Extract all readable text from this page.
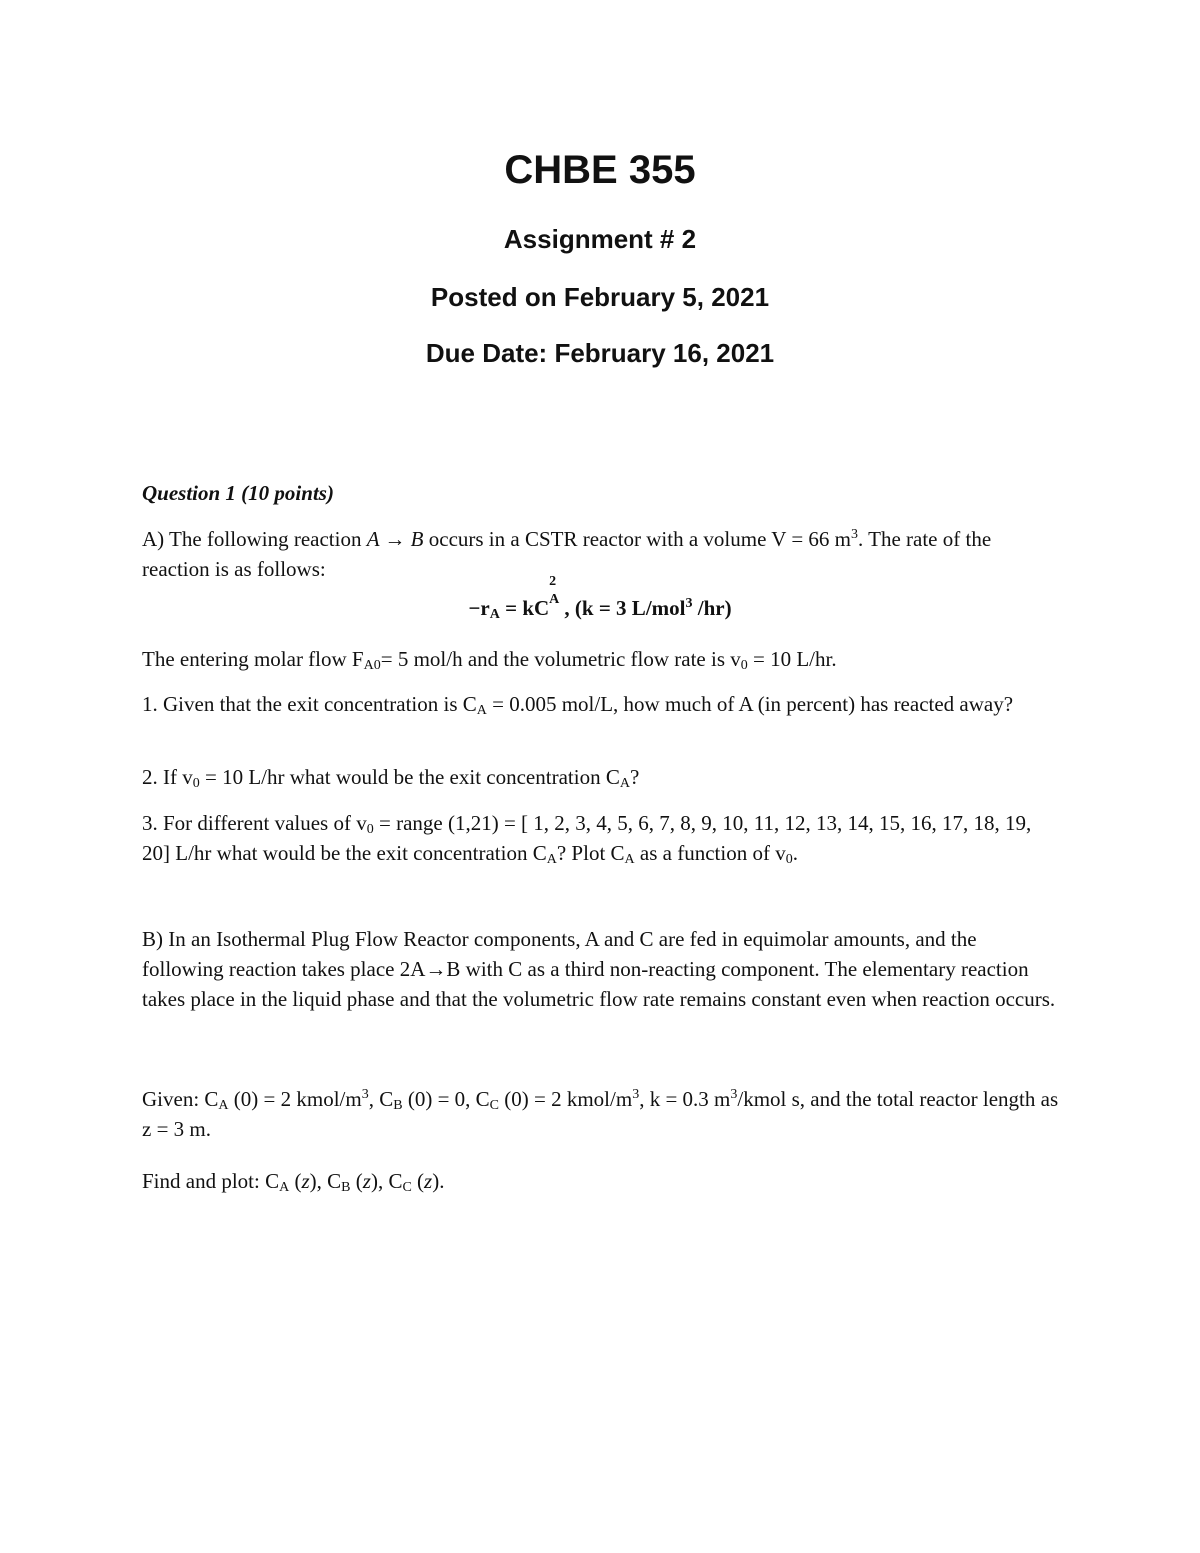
CHBE 355
Assignment # 2
Posted on February 5, 2021
Due Date: February 16, 2021
Question 1 (10 points)
A) The following reaction A → B occurs in a CSTR reactor with a volume V = 66 $m^3$. The rate of the reaction is as follows:
$-r_A$ = kC
2
A , (k = 3 L/mol$^3$ /hr)
The entering molar flow $F_{A0}= 5$ mol/h and the volumetric flow rate is $v_0 = 10$ L/hr.
1. Given that the exit concentration is $C_A = 0.005$ mol/L, how much of A (in percent) has reacted away?
2. If $v_0 = 10$ L/hr what would be the exit concentration $C_A$?
3. For different values of $v_0$ = range (1,21) = [ 1, 2, 3, 4, 5, 6, 7, 8, 9, 10, 11, 12, 13, 14, 15, 16, 17, 18, 19, 20] L/hr what would be the exit concentration $C_A$? Plot $C_A$ as a function of $v_0$.
B) In an Isothermal Plug Flow Reactor components, A and C are fed in equimolar amounts, and the following reaction takes place 2A→B with C as a third non-reacting component. The elementary reaction takes place in the liquid phase and that the volumetric flow rate remains constant even when reaction occurs.
Given: $C_A$ (0) = 2 kmol/$m^3$, $C_B$ (0) = 0, $C_C$ (0) = 2 kmol/$m^3$, k = 0.3 $m^3$/kmol s, and the total reactor length as z = 3 m.
Find and plot: $C_A$ (z), $C_B$ (z), $C_C$ (z).
